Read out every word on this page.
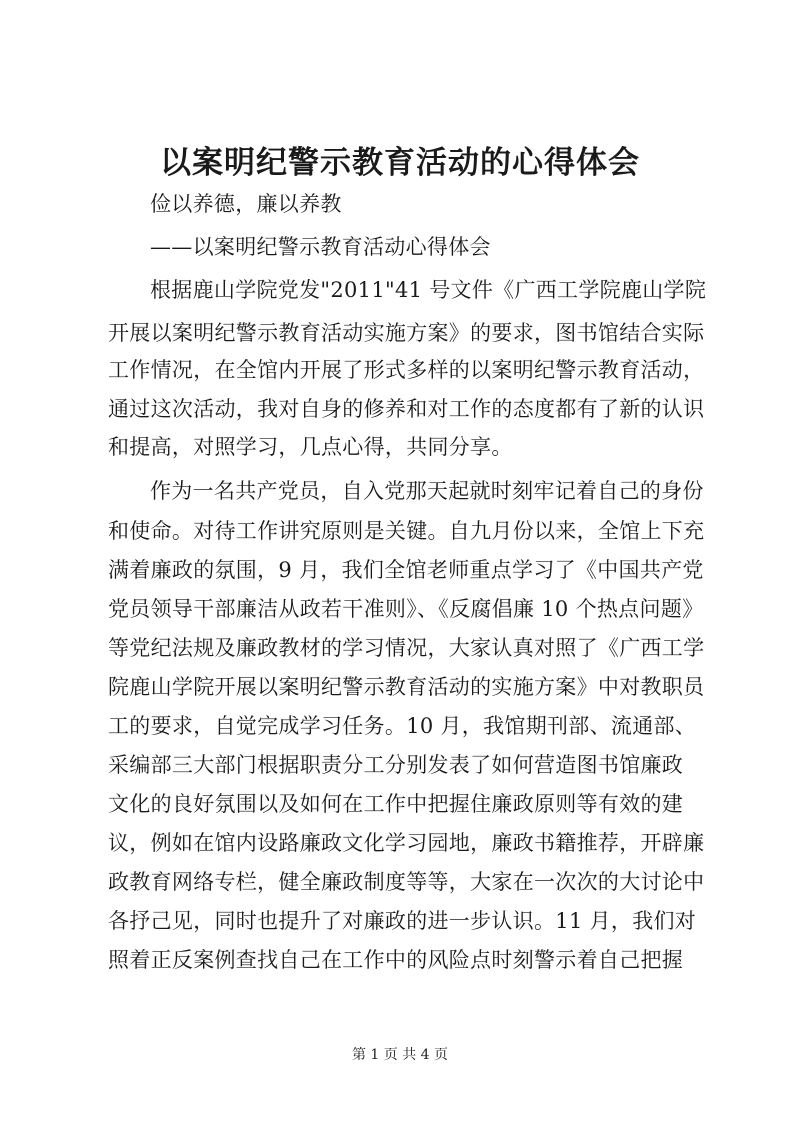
以案明纪警示教育活动的心得体会
俭以养德，廉以养教
——以案明纪警示教育活动心得体会
根据鹿山学院党发"2011"41 号文件《广西工学院鹿山学院
开展以案明纪警示教育活动实施方案》的要求，图书馆结合实际
工作情况，在全馆内开展了形式多样的以案明纪警示教育活动，
通过这次活动，我对自身的修养和对工作的态度都有了新的认识
和提高，对照学习，几点心得，共同分享。
作为一名共产党员，自入党那天起就时刻牢记着自己的身份
和使命。对待工作讲究原则是关键。自九月份以来，全馆上下充
满着廉政的氛围，9 月，我们全馆老师重点学习了《中国共产党
党员领导干部廉洁从政若干准则》、《反腐倡廉 10 个热点问题》
等党纪法规及廉政教材的学习情况，大家认真对照了《广西工学
院鹿山学院开展以案明纪警示教育活动的实施方案》中对教职员
工的要求，自觉完成学习任务。10 月，我馆期刊部、流通部、
采编部三大部门根据职责分工分别发表了如何营造图书馆廉政
文化的良好氛围以及如何在工作中把握住廉政原则等有效的建
议，例如在馆内设路廉政文化学习园地，廉政书籍推荐，开辟廉
政教育网络专栏，健全廉政制度等等，大家在一次次的大讨论中
各抒己见，同时也提升了对廉政的进一步认识。11 月，我们对
照着正反案例查找自己在工作中的风险点时刻警示着自己把握
第 1 页 共 4 页
